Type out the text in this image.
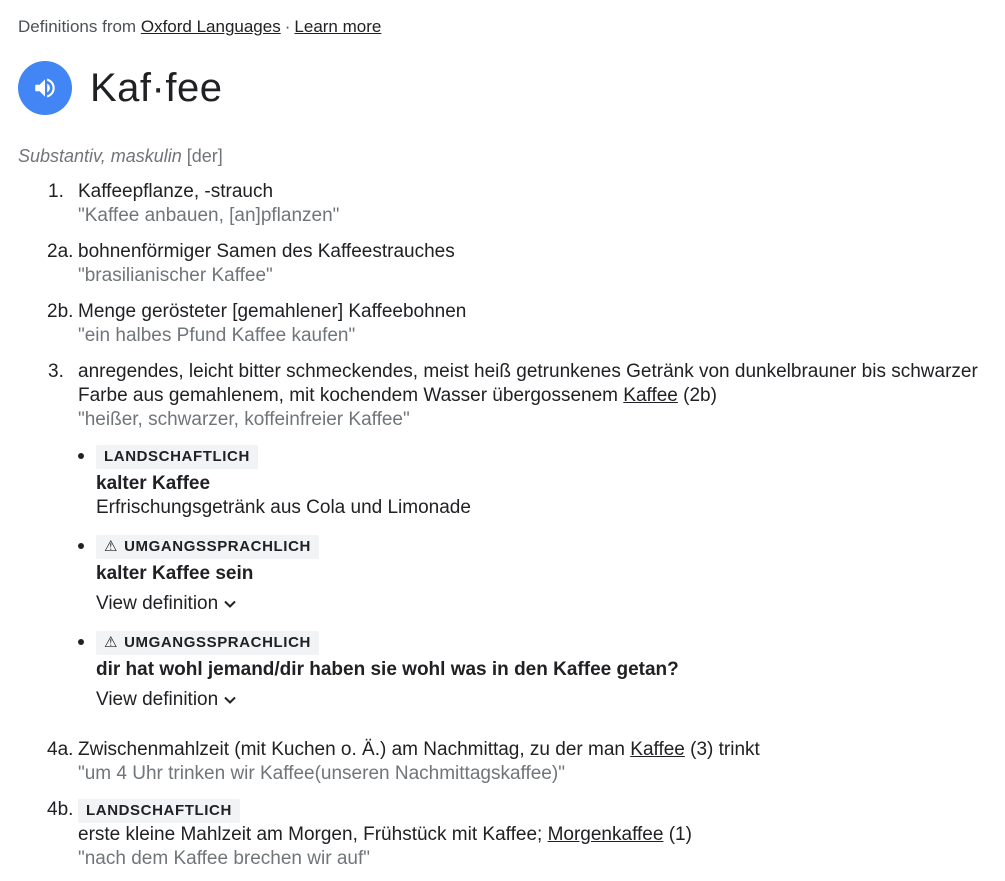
Definitions from Oxford Languages · Learn more
Kaf·fee
Substantiv, maskulin [der]
1. Kaffeepflanze, -strauch
"Kaffee anbauen, [an]pflanzen"
2a. bohnenförmiger Samen des Kaffeestrauches
"brasilianischer Kaffee"
2b. Menge gerösteter [gemahlener] Kaffeebohnen
"ein halbes Pfund Kaffee kaufen"
3. anregendes, leicht bitter schmeckendes, meist heiß getrunkenes Getränk von dunkelbrauner bis schwarzer Farbe aus gemahlenem, mit kochendem Wasser übergossenem Kaffee (2b)
"heißer, schwarzer, koffeinfreier Kaffee"
LANDSCHAFTLICH
kalter Kaffee
Erfrischungsgetränk aus Cola und Limonade
⚠ UMGANGSSPRACHLICH
kalter Kaffee sein
View definition
⚠ UMGANGSSPRACHLICH
dir hat wohl jemand/dir haben sie wohl was in den Kaffee getan?
View definition
4a. Zwischenmahlzeit (mit Kuchen o. Ä.) am Nachmittag, zu der man Kaffee (3) trinkt
"um 4 Uhr trinken wir Kaffee(unseren Nachmittagskaffee)"
4b. LANDSCHAFTLICH
erste kleine Mahlzeit am Morgen, Frühstück mit Kaffee; Morgenkaffee (1)
"nach dem Kaffee brechen wir auf"
